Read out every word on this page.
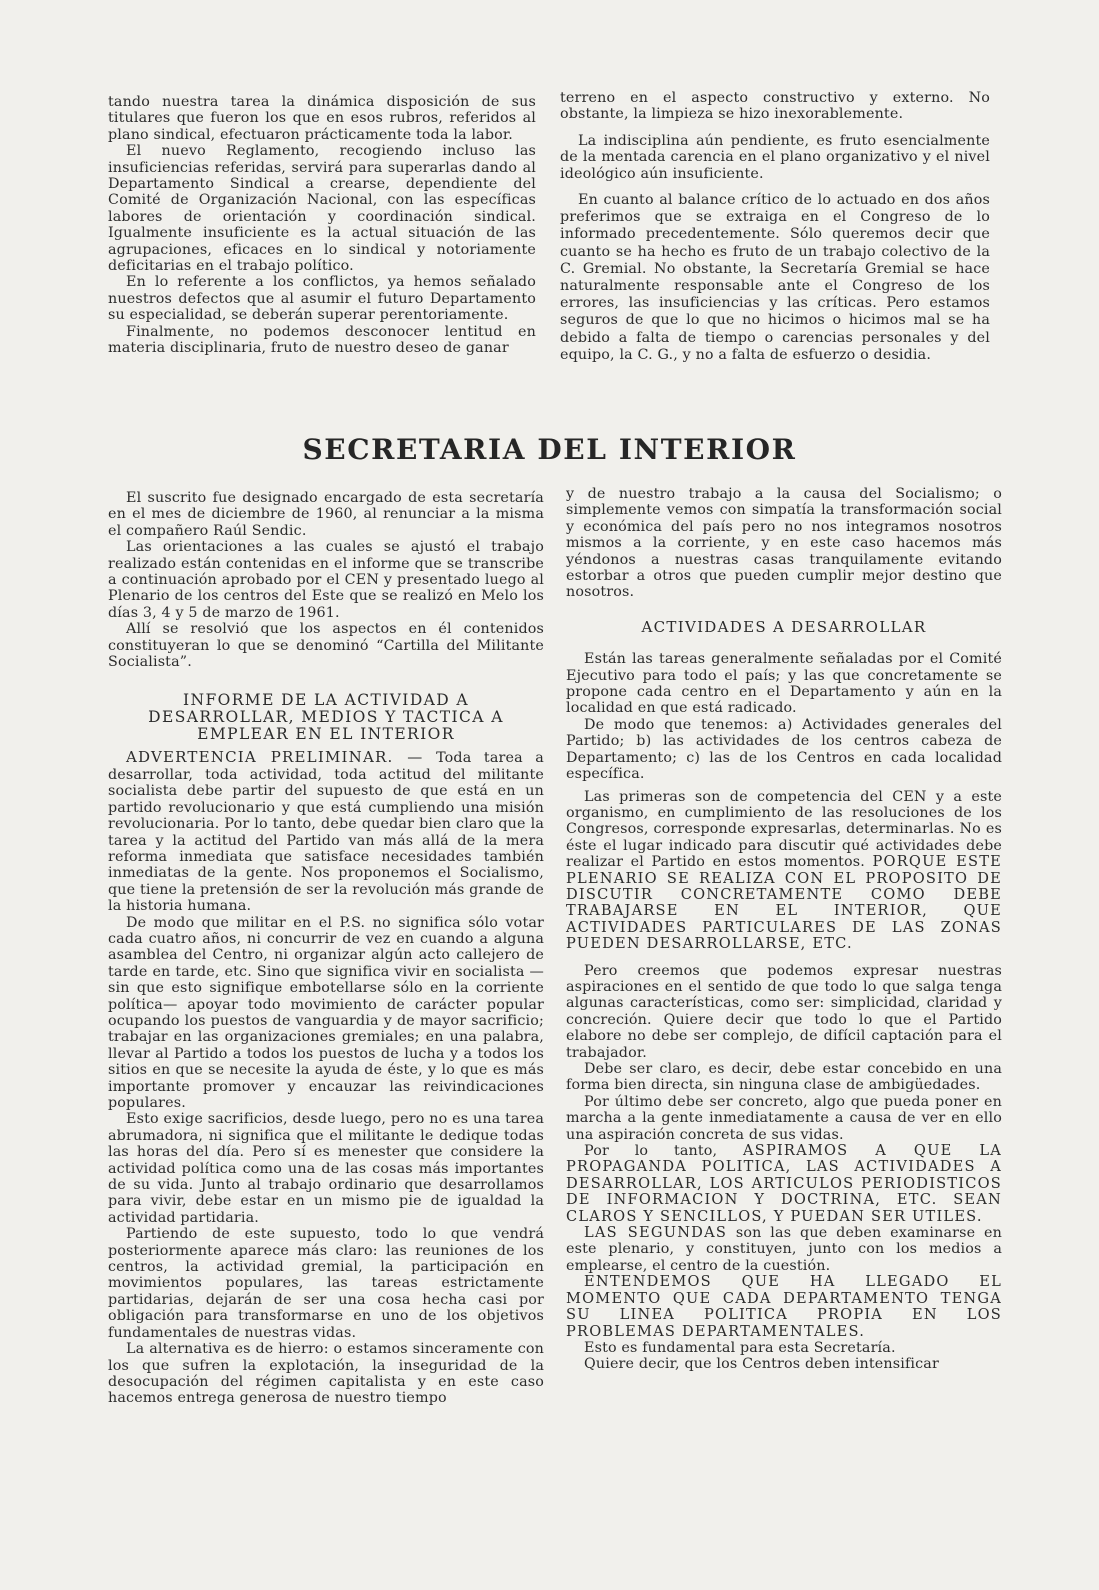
tando nuestra tarea la dinámica disposición de sus titulares que fueron los que en esos rubros, referidos al plano sindical, efectuaron prácticamente toda la labor.

El nuevo Reglamento, recogiendo incluso las insuficiencias referidas, servirá para superarlas dando al Departamento Sindical a crearse, dependiente del Comité de Organización Nacional, con las específicas labores de orientación y coordinación sindical. Igualmente insuficiente es la actual situación de las agrupaciones, eficaces en lo sindical y notoriamente deficitarias en el trabajo político.

En lo referente a los conflictos, ya hemos señalado nuestros defectos que al asumir el futuro Departamento su especialidad, se deberán superar perentoriamente.

Finalmente, no podemos desconocer lentitud en materia disciplinaria, fruto de nuestro deseo de ganar

terreno en el aspecto constructivo y externo. No obstante, la limpieza se hizo inexorablemente.

La indisciplina aún pendiente, es fruto esencialmente de la mentada carencia en el plano organizativo y el nivel ideológico aún insuficiente.

En cuanto al balance crítico de lo actuado en dos años preferimos que se extraiga en el Congreso de lo informado precedentemente. Sólo queremos decir que cuanto se ha hecho es fruto de un trabajo colectivo de la C. Gremial. No obstante, la Secretaría Gremial se hace naturalmente responsable ante el Congreso de los errores, las insuficiencias y las críticas. Pero estamos seguros de que lo que no hicimos o hicimos mal se ha debido a falta de tiempo o carencias personales y del equipo, la C. G., y no a falta de esfuerzo o desidia.

SECRETARIA DEL INTERIOR

El suscrito fue designado encargado de esta secretaría en el mes de diciembre de 1960, al renunciar a la misma el compañero Raúl Sendic.

Las orientaciones a las cuales se ajustó el trabajo realizado están contenidas en el informe que se transcribe a continuación aprobado por el CEN y presentado luego al Plenario de los centros del Este que se realizó en Melo los días 3, 4 y 5 de marzo de 1961.

Allí se resolvió que los aspectos en él contenidos constituyeran lo que se denominó “Cartilla del Militante Socialista”.

INFORME DE LA ACTIVIDAD A DESARROLLAR, MEDIOS Y TACTICA A EMPLEAR EN EL INTERIOR

ADVERTENCIA PRELIMINAR. — Toda tarea a desarrollar, toda actividad, toda actitud del militante socialista debe partir del supuesto de que está en un partido revolucionario y que está cumpliendo una misión revolucionaria. Por lo tanto, debe quedar bien claro que la tarea y la actitud del Partido van más allá de la mera reforma inmediata que satisface necesidades también inmediatas de la gente. Nos proponemos el Socialismo, que tiene la pretensión de ser la revolución más grande de la historia humana.

De modo que militar en el P.S. no significa sólo votar cada cuatro años, ni concurrir de vez en cuando a alguna asamblea del Centro, ni organizar algún acto callejero de tarde en tarde, etc. Sino que significa vivir en socialista —sin que esto signifique embotellarse sólo en la corriente política— apoyar todo movimiento de carácter popular ocupando los puestos de vanguardia y de mayor sacrificio; trabajar en las organizaciones gremiales; en una palabra, llevar al Partido a todos los puestos de lucha y a todos los sitios en que se necesite la ayuda de éste, y lo que es más importante promover y encauzar las reivindicaciones populares.

Esto exige sacrificios, desde luego, pero no es una tarea abrumadora, ni significa que el militante le dedique todas las horas del día. Pero sí es menester que considere la actividad política como una de las cosas más importantes de su vida. Junto al trabajo ordinario que desarrollamos para vivir, debe estar en un mismo pie de igualdad la actividad partidaria.

Partiendo de este supuesto, todo lo que vendrá posteriormente aparece más claro: las reuniones de los centros, la actividad gremial, la participación en movimientos populares, las tareas estrictamente partidarias, dejarán de ser una cosa hecha casi por obligación para transformarse en uno de los objetivos fundamentales de nuestras vidas.

La alternativa es de hierro: o estamos sinceramente con los que sufren la explotación, la inseguridad de la desocupación del régimen capitalista y en este caso hacemos entrega generosa de nuestro tiempo

y de nuestro trabajo a la causa del Socialismo; o simplemente vemos con simpatía la transformación social y económica del país pero no nos integramos nosotros mismos a la corriente, y en este caso hacemos más yéndonos a nuestras casas tranquilamente evitando estorbar a otros que pueden cumplir mejor destino que nosotros.

ACTIVIDADES A DESARROLLAR

Están las tareas generalmente señaladas por el Comité Ejecutivo para todo el país; y las que concretamente se propone cada centro en el Departamento y aún en la localidad en que está radicado.

De modo que tenemos: a) Actividades generales del Partido; b) las actividades de los centros cabeza de Departamento; c) las de los Centros en cada localidad específica.

Las primeras son de competencia del CEN y a este organismo, en cumplimiento de las resoluciones de los Congresos, corresponde expresarlas, determinarlas. No es éste el lugar indicado para discutir qué actividades debe realizar el Partido en estos momentos. PORQUE ESTE PLENARIO SE REALIZA CON EL PROPOSITO DE DISCUTIR CONCRETAMENTE COMO DEBE TRABAJARSE EN EL INTERIOR, QUE ACTIVIDADES PARTICULARES DE LAS ZONAS PUEDEN DESARROLLARSE, ETC.

Pero creemos que podemos expresar nuestras aspiraciones en el sentido de que todo lo que salga tenga algunas características, como ser: simplicidad, claridad y concreción. Quiere decir que todo lo que el Partido elabore no debe ser complejo, de difícil captación para el trabajador.

Debe ser claro, es decir, debe estar concebido en una forma bien directa, sin ninguna clase de ambigüedades.

Por último debe ser concreto, algo que pueda poner en marcha a la gente inmediatamente a causa de ver en ello una aspiración concreta de sus vidas.

Por lo tanto, ASPIRAMOS A QUE LA PROPAGANDA POLITICA, LAS ACTIVIDADES A DESARROLLAR, LOS ARTICULOS PERIODISTICOS DE INFORMACION Y DOCTRINA, ETC. SEAN CLAROS Y SENCILLOS, Y PUEDAN SER UTILES.

LAS SEGUNDAS son las que deben examinarse en este plenario, y constituyen, junto con los medios a emplearse, el centro de la cuestión.

ENTENDEMOS QUE HA LLEGADO EL MOMENTO QUE CADA DEPARTAMENTO TENGA SU LINEA POLITICA PROPIA EN LOS PROBLEMAS DEPARTAMENTALES.

Esto es fundamental para esta Secretaría.

Quiere decir, que los Centros deben intensificar
